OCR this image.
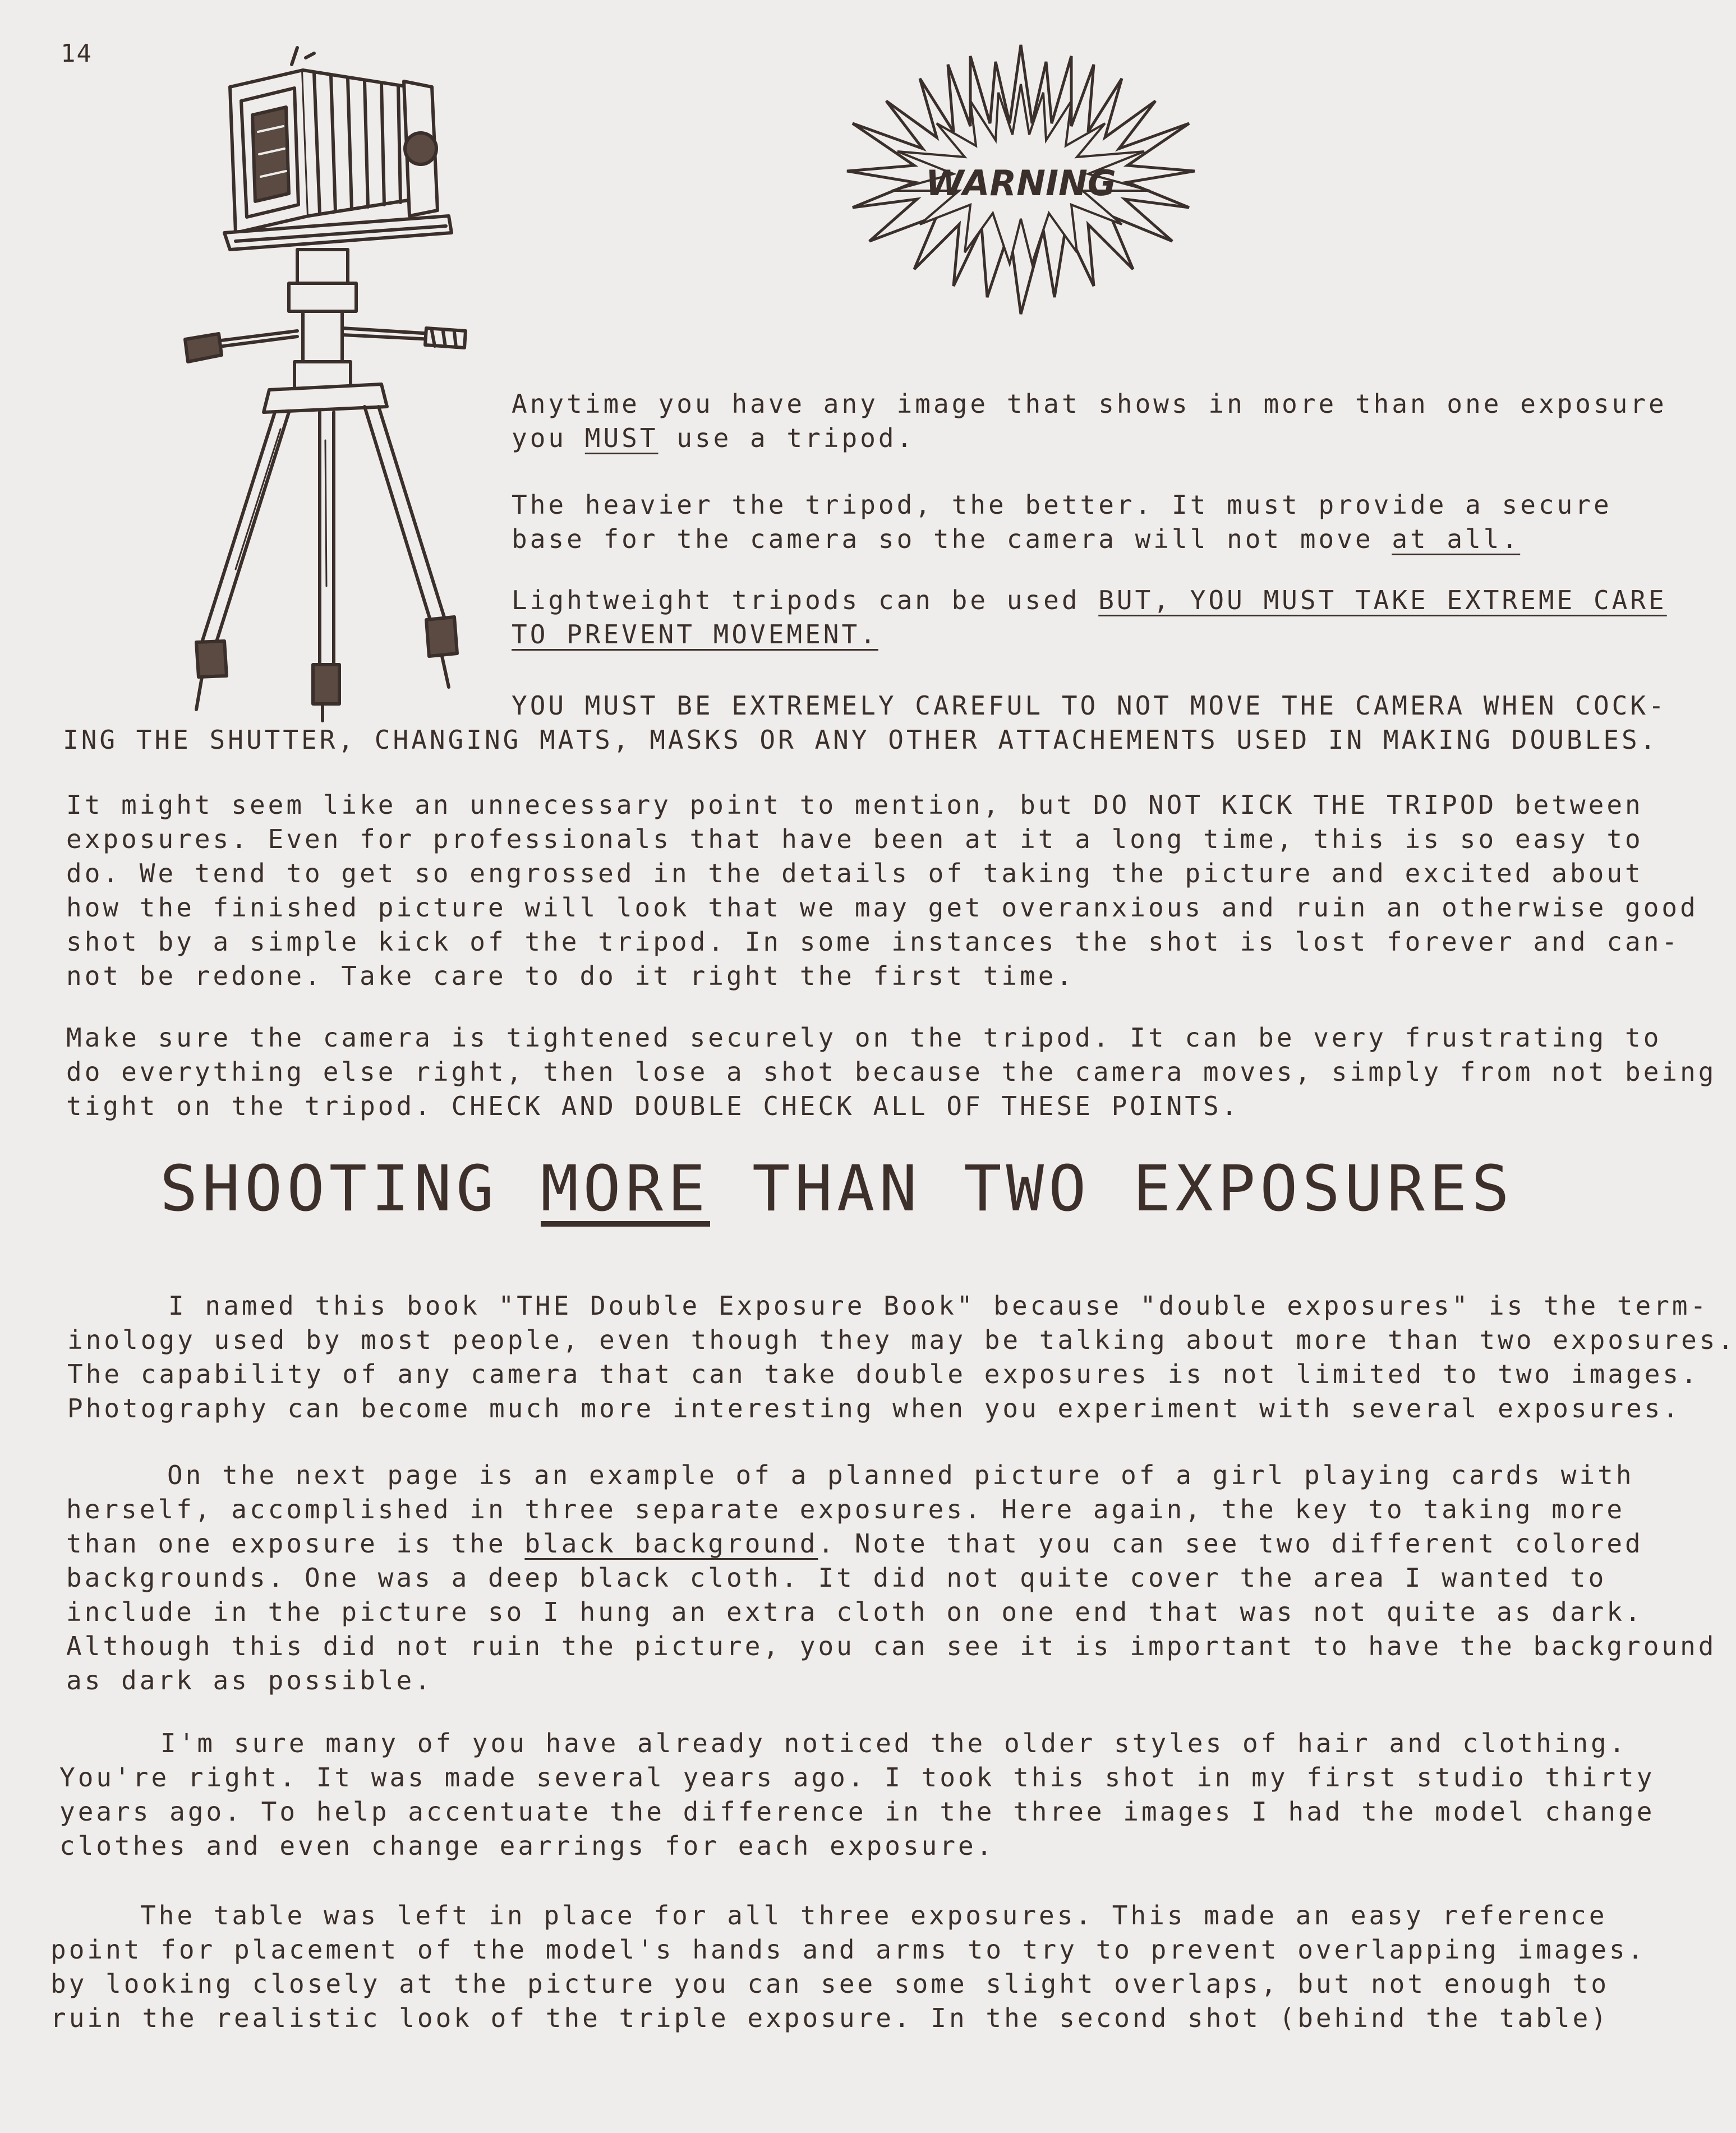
14
WARNING
Anytime you have any image that shows in more than one exposure
you MUST use a tripod.
The heavier the tripod, the better. It must provide a secure
base for the camera so the camera will not move at all.
Lightweight tripods can be used BUT, YOU MUST TAKE EXTREME CARE
TO PREVENT MOVEMENT.
YOU MUST BE EXTREMELY CAREFUL TO NOT MOVE THE CAMERA WHEN COCK-
ING THE SHUTTER, CHANGING MATS, MASKS OR ANY OTHER ATTACHEMENTS USED IN MAKING DOUBLES.
It might seem like an unnecessary point to mention, but DO NOT KICK THE TRIPOD between
exposures. Even for professionals that have been at it a long time, this is so easy to
do. We tend to get so engrossed in the details of taking the picture and excited about
how the finished picture will look that we may get overanxious and ruin an otherwise good
shot by a simple kick of the tripod. In some instances the shot is lost forever and can-
not be redone. Take care to do it right the first time.
Make sure the camera is tightened securely on the tripod. It can be very frustrating to
do everything else right, then lose a shot because the camera moves, simply from not being
tight on the tripod. CHECK AND DOUBLE CHECK ALL OF THESE POINTS.
SHOOTING MORE THAN TWO EXPOSURES
I named this book "THE Double Exposure Book" because "double exposures" is the term-
inology used by most people, even though they may be talking about more than two exposures.
The capability of any camera that can take double exposures is not limited to two images.
Photography can become much more interesting when you experiment with several exposures.
On the next page is an example of a planned picture of a girl playing cards with
herself, accomplished in three separate exposures. Here again, the key to taking more
than one exposure is the black background. Note that you can see two different colored
backgrounds. One was a deep black cloth. It did not quite cover the area I wanted to
include in the picture so I hung an extra cloth on one end that was not quite as dark.
Although this did not ruin the picture, you can see it is important to have the background
as dark as possible.
I'm sure many of you have already noticed the older styles of hair and clothing.
You're right. It was made several years ago. I took this shot in my first studio thirty
years ago. To help accentuate the difference in the three images I had the model change
clothes and even change earrings for each exposure.
The table was left in place for all three exposures. This made an easy reference
point for placement of the model's hands and arms to try to prevent overlapping images.
by looking closely at the picture you can see some slight overlaps, but not enough to
ruin the realistic look of the triple exposure. In the second shot (behind the table)
